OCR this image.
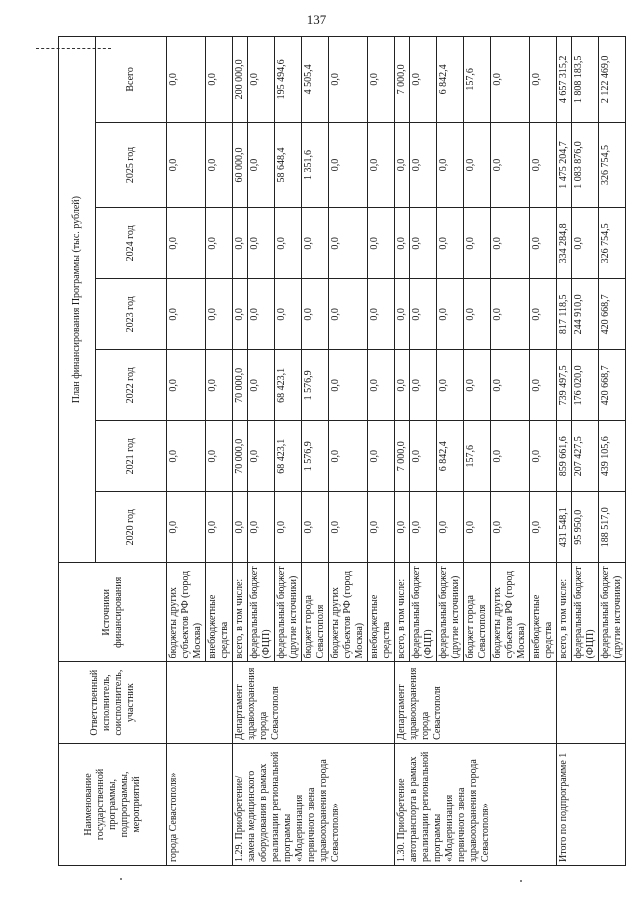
137
Наименование государственной программы, подпрограммы, мероприятий	Ответственный исполнитель, соисполнитель, участник	Источники финансирования	План финансирования Программы (тыс. рублей)						
			2020 год	2021 год	2022 год	2023 год	2024 год	2025 год	Всего
города Севастополя»		бюджеты других субъектов РФ (город Москва)	0,0	0,0	0,0	0,0	0,0	0,0	0,0
		внебюджетные средства	0,0	0,0	0,0	0,0	0,0	0,0	0,0
1.29. Приобретение/замена медицинского оборудования в рамках реализации региональной программы «Модернизация первичного звена здравоохранения города Севастополя»	Департамент здравоохранения города Севастополя	всего, в том числе:	0,0	70 000,0	70 000,0	0,0	0,0	60 000,0	200 000,0
		федеральный бюджет (ФЦП)	0,0	0,0	0,0	0,0	0,0	0,0	0,0
		федеральный бюджет (другие источники)	0,0	68 423,1	68 423,1	0,0	0,0	58 648,4	195 494,6
		бюджет города Севастополя	0,0	1 576,9	1 576,9	0,0	0,0	1 351,6	4 505,4
		бюджеты других субъектов РФ (город Москва)	0,0	0,0	0,0	0,0	0,0	0,0	0,0
		внебюджетные средства	0,0	0,0	0,0	0,0	0,0	0,0	0,0
1.30. Приобретение автотранспорта в рамках реализации региональной программы «Модернизация первичного звена здравоохранения города Севастополя»	Департамент здравоохранения города Севастополя	всего, в том числе:	0,0	7 000,0	0,0	0,0	0,0	0,0	7 000,0
		федеральный бюджет (ФЦП)	0,0	0,0	0,0	0,0	0,0	0,0	0,0
		федеральный бюджет (другие источники)	0,0	6 842,4	0,0	0,0	0,0	0,0	6 842,4
		бюджет города Севастополя	0,0	157,6	0,0	0,0	0,0	0,0	157,6
		бюджеты других субъектов РФ (город Москва)	0,0	0,0	0,0	0,0	0,0	0,0	0,0
		внебюджетные средства	0,0	0,0	0,0	0,0	0,0	0,0	0,0
Итого по подпрограмме 1		всего, в том числе:	431 548,1	859 661,6	739 497,5	817 118,5	334 284,8	1 475 204,7	4 657 315,2
		федеральный бюджет (ФЦП)	95 950,0	207 427,5	176 020,0	244 910,0	0,0	1 083 876,0	1 808 183,5
		федеральный бюджет (другие источники)	188 517,0	439 105,6	420 668,7	420 668,7	326 754,5	326 754,5	2 122 469,0
